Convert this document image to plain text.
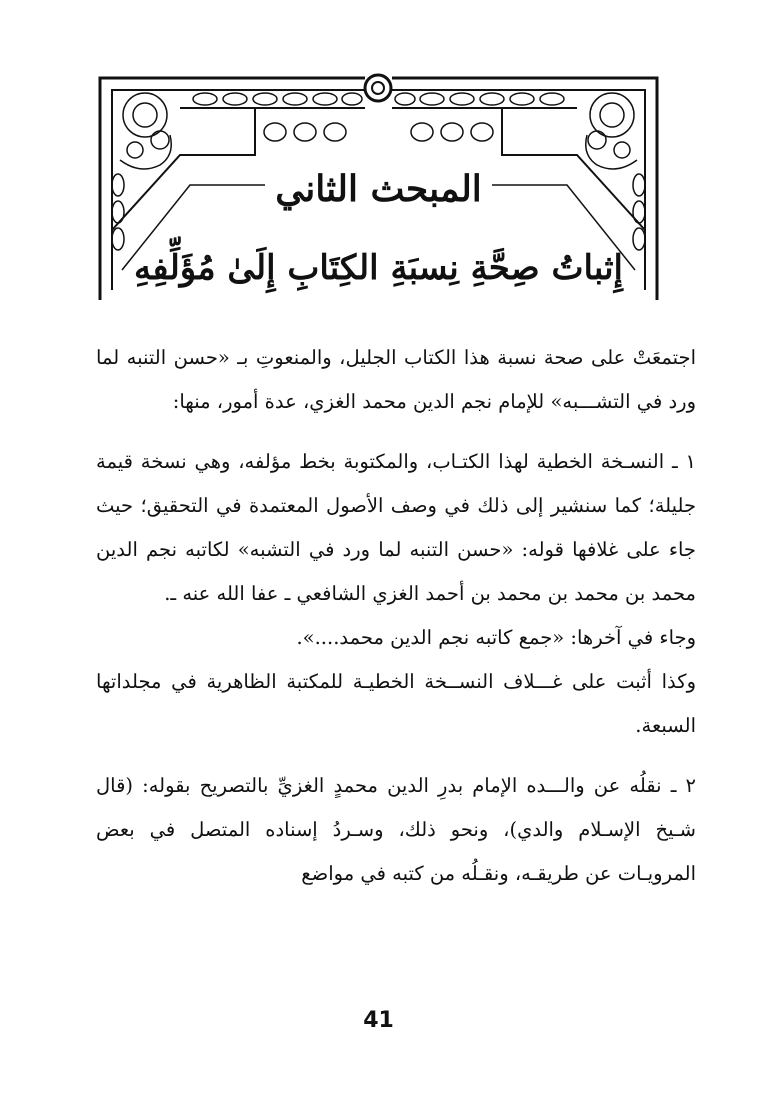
المبحث الثاني
إِثباتُ صِحَّةِ نِسبَةِ الكِتَابِ إِلَىٰ مُؤَلِّفِهِ

اجتمعَتْ على صحة نسبة هذا الكتاب الجليل، والمنعوتِ بـ «حسن التنبه لما ورد في التشـــبه» للإمام نجم الدين محمد الغزي، عدة أمور، منها:

١ ـ النسـخة الخطية لهذا الكتـاب، والمكتوبة بخط مؤلفه، وهي نسخة قيمة جليلة؛ كما سنشير إلى ذلك في وصف الأصول المعتمدة في التحقيق؛ حيث جاء على غلافها قوله: «حسن التنبه لما ورد في التشبه» لكاتبه نجم الدين محمد بن محمد بن محمد بن أحمد الغزي الشافعي ـ عفا الله عنه ـ.

وجاء في آخرها: «جمع كاتبه نجم الدين محمد....».

وكذا أثبت على غـــلاف النســخة الخطيـة للمكتبة الظاهرية في مجلداتها السبعة.

٢ ـ نقلُه عن والـــده الإمام بدرِ الدين محمدٍ الغزيِّ بالتصريح بقوله: (قال شـيخ الإسـلام والدي)، ونحو ذلك، وسـردُ إسناده المتصل في بعض المرويـات عن طريقـه، ونقـلُه من كتبه في مواضع

41
